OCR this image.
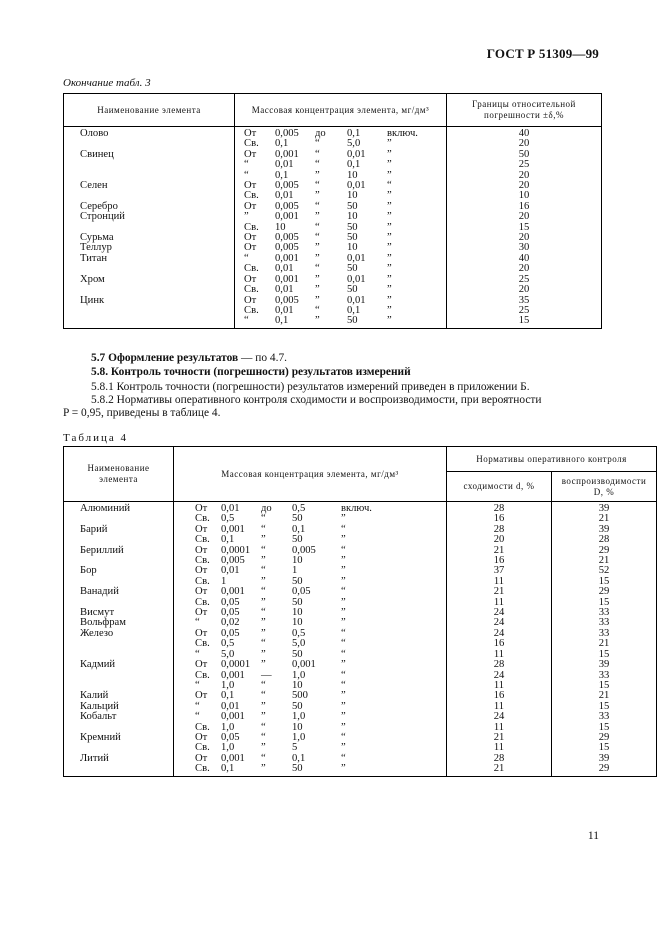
ГОСТ Р 51309—99
Окончание табл. 3
Наименование элемента	Массовая концентрация элемента, мг/дм³	Границы относительной погрешности ±δ,%
Олово	От 0,005 до 0,1 включ.	40

	Св. 0,1 “ 5,0 ”	20
Свинец	От 0,001 “ 0,01 ”	50

	“ 0,01 “ 0,1 ”	25

	“ 0,1 ” 10 ”	20
Селен	От 0,005 “ 0,01 “	20

	Св. 0,01 ” 10 ”	10
Серебро	От 0,005 “ 50 ”	16
Стронций	” 0,001 ” 10 ”	20

	Св. 10 “ 50 ”	15
Сурьма	От 0,005 “ 50 ”	20
Теллур	От 0,005 ” 10 ”	30
Титан	“ 0,001 ” 0,01 ”	40

	Св. 0,01 “ 50 ”	20
Хром	От 0,001 ” 0,01 ”	25

	Св. 0,01 ” 50 ”	20
Цинк	От 0,005 ” 0,01 ”	35

	Св. 0,01 “ 0,1 ”	25

	“ 0,1 ” 50 ”	15
5.7 Оформление результатов — по 4.7.
5.8. Контроль точности (погрешности) результатов измерений
5.8.1 Контроль точности (погрешности) результатов измерений приведен в приложении Б.
5.8.2 Нормативы оперативного контроля сходимости и воспроизводимости, при вероятности
P = 0,95, приведены в таблице 4.
Таблица 4
Наименование элемента	Массовая концентрация элемента, мг/дм³	Нормативы оперативного контроля	
		сходимости d, %	воспроизводимости D, %
Алюминий	От 0,01 до 0,5 включ.	28	39

	Св. 0,5 “ 50 ”	16	21
Барий	От 0,001 “ 0,1 “	28	39

	Св. 0,1 ” 50 ”	20	28
Бериллий	От 0,0001 “ 0,005 “	21	29

	Св. 0,005 ” 10 ”	16	21
Бор	От 0,01 “ 1 ”	37	52

	Св. 1 ” 50 ”	11	15
Ванадий	От 0,001 “ 0,05 “	21	29

	Св. 0,05 ” 50 ”	11	15
Висмут	От 0,05 “ 10 ”	24	33
Вольфрам	“ 0,02 ” 10 ”	24	33
Железо	От 0,05 ” 0,5 “	24	33

	Св. 0,5 “ 5,0 “	16	21

	“ 5,0 ” 50 “	11	15
Кадмий	От 0,0001 ” 0,001 ”	28	39

	Св. 0,001 — 1,0 “	24	33

	“ 1,0 “ 10 “	11	15
Калий	От 0,1 “ 500 ”	16	21
Кальций	“ 0,01 ” 50 ”	11	15
Кобальт	“ 0,001 ” 1,0 ”	24	33

	Св. 1,0 “ 10 ”	11	15
Кремний	От 0,05 “ 1,0 “	21	29

	Св. 1,0 ” 5 ”	11	15
Литий	От 0,001 “ 0,1 “	28	39

	Св. 0,1 ” 50 ”	21	29
11
